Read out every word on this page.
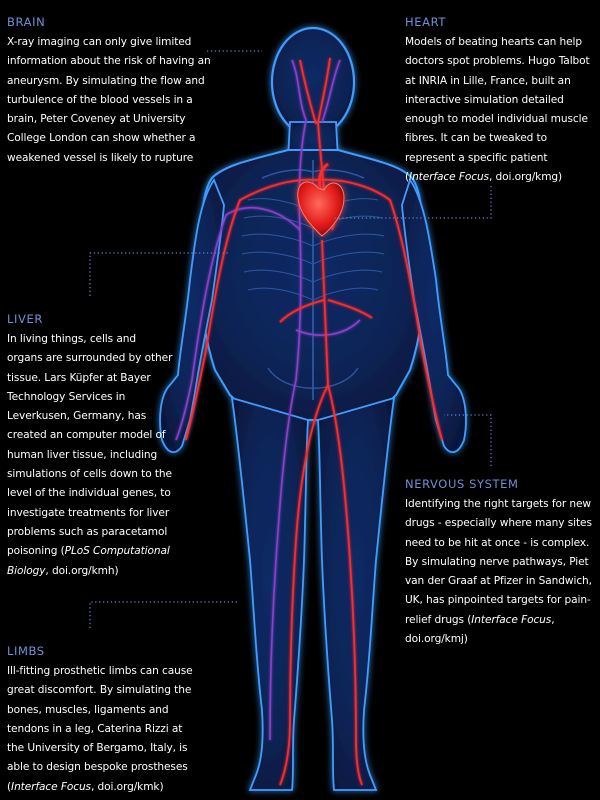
BRAIN
X-ray imaging can only give limited information about the risk of having an aneurysm. By simulating the flow and turbulence of the blood vessels in a brain, Peter Coveney at University College London can show whether a weakened vessel is likely to rupture
HEART
Models of beating hearts can help doctors spot problems. Hugo Talbot at INRIA in Lille, France, built an interactive simulation detailed enough to model individual muscle fibres. It can be tweaked to represent a specific patient (Interface Focus, doi.org/kmg)
LIVER
In living things, cells and organs are surrounded by other tissue. Lars Küpfer at Bayer Technology Services in Leverkusen, Germany, has created an computer model of human liver tissue, including simulations of cells down to the level of the individual genes, to investigate treatments for liver problems such as paracetamol poisoning (PLoS Computational Biology, doi.org/kmh)
NERVOUS SYSTEM
Identifying the right targets for new drugs - especially where many sites need to be hit at once - is complex. By simulating nerve pathways, Piet van der Graaf at Pfizer in Sandwich, UK, has pinpointed targets for pain-relief drugs (Interface Focus, doi.org/kmj)
LIMBS
Ill-fitting prosthetic limbs can cause great discomfort. By simulating the bones, muscles, ligaments and tendons in a leg, Caterina Rizzi at the University of Bergamo, Italy, is able to design bespoke prostheses (Interface Focus, doi.org/kmk)
